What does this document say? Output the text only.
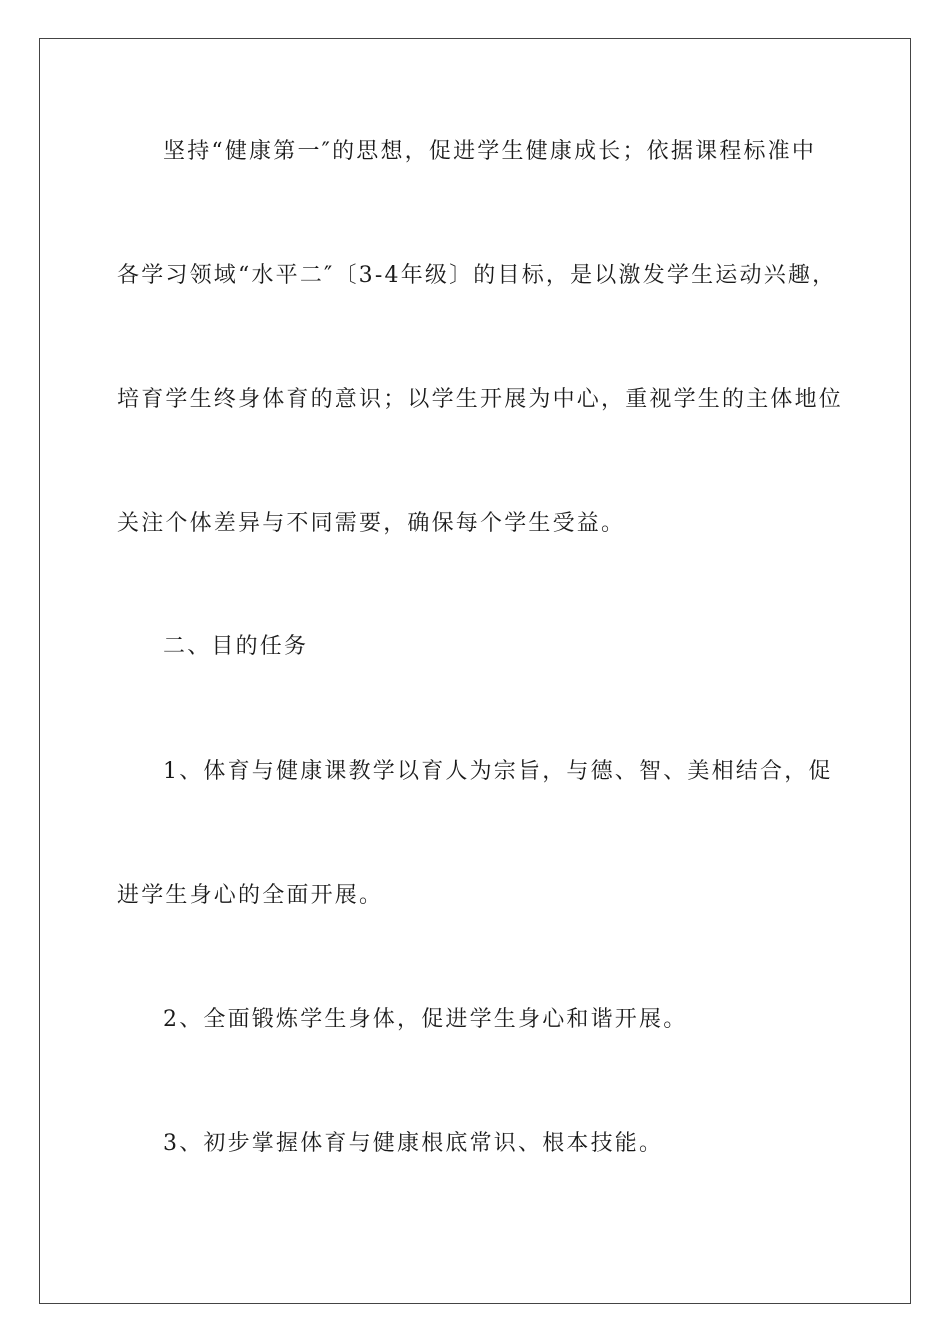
坚持“健康第一″的思想，促进学生健康成长；依据课程标准中
各学习领域“水平二″〔3-4年级〕的目标，是以激发学生运动兴趣，
培育学生终身体育的意识；以学生开展为中心，重视学生的主体地位
关注个体差异与不同需要，确保每个学生受益。
二、目的任务
1、体育与健康课教学以育人为宗旨，与德、智、美相结合，促
进学生身心的全面开展。
2、全面锻炼学生身体，促进学生身心和谐开展。
3、初步掌握体育与健康根底常识、根本技能。
